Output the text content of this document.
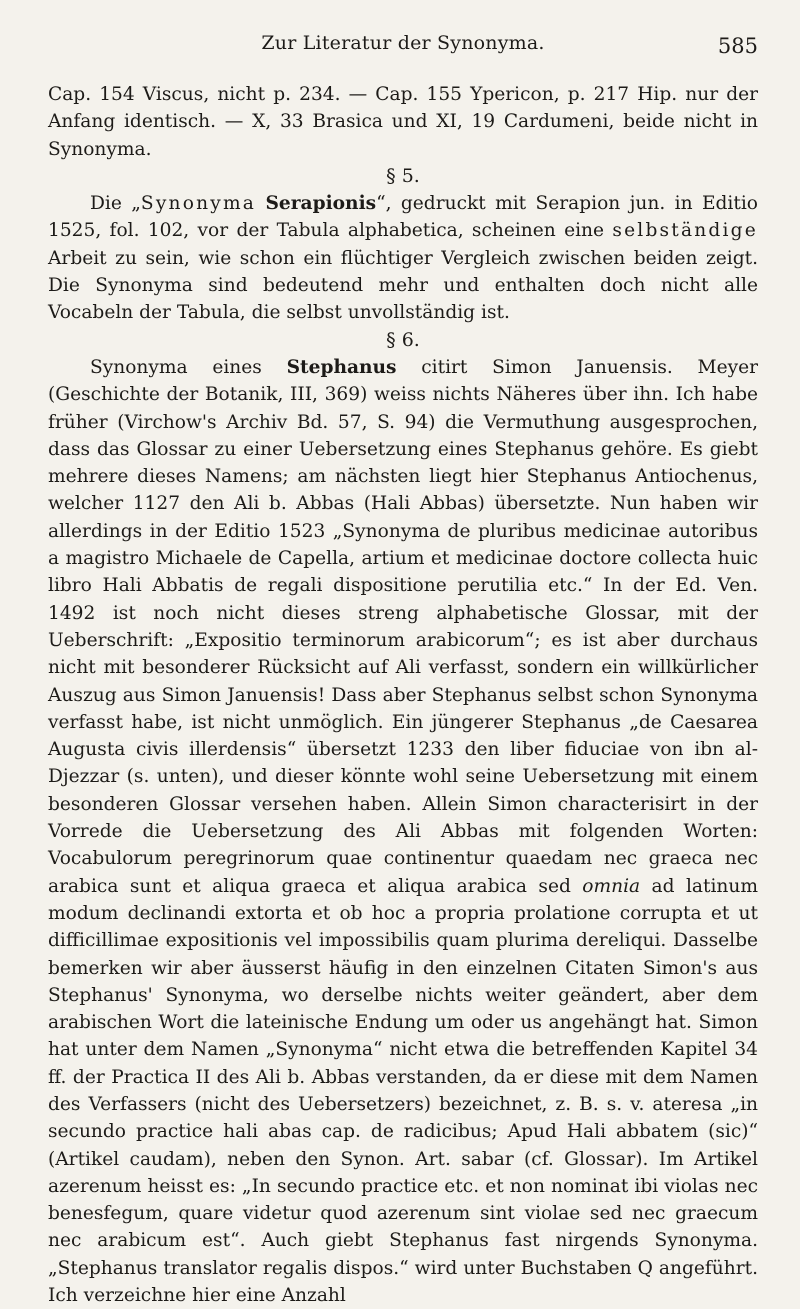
Zur Literatur der Synonyma.	585

Cap. 154 Viscus, nicht p. 234. — Cap. 155 Ypericon, p. 217 Hip. nur der Anfang identisch. — X, 33 Brasica und XI, 19 Cardumeni, beide nicht in Synonyma.

§ 5.

Die „Synonyma Serapionis“, gedruckt mit Serapion jun. in Editio 1525, fol. 102, vor der Tabula alphabetica, scheinen eine selbständige Arbeit zu sein, wie schon ein flüchtiger Vergleich zwischen beiden zeigt. Die Synonyma sind bedeutend mehr und enthalten doch nicht alle Vocabeln der Tabula, die selbst unvollständig ist.

§ 6.

Synonyma eines Stephanus citirt Simon Januensis. Meyer (Geschichte der Botanik, III, 369) weiss nichts Näheres über ihn. Ich habe früher (Virchow's Archiv Bd. 57, S. 94) die Vermuthung ausgesprochen, dass das Glossar zu einer Uebersetzung eines Stephanus gehöre. Es giebt mehrere dieses Namens; am nächsten liegt hier Stephanus Antiochenus, welcher 1127 den Ali b. Abbas (Hali Abbas) übersetzte. Nun haben wir allerdings in der Editio 1523 „Synonyma de pluribus medicinae autoribus a magistro Michaele de Capella, artium et medicinae doctore collecta huic libro Hali Abbatis de regali dispositione perutilia etc.“ In der Ed. Ven. 1492 ist noch nicht dieses streng alphabetische Glossar, mit der Ueberschrift: „Expositio terminorum arabicorum“; es ist aber durchaus nicht mit besonderer Rücksicht auf Ali verfasst, sondern ein willkürlicher Auszug aus Simon Januensis! Dass aber Stephanus selbst schon Synonyma verfasst habe, ist nicht unmöglich. Ein jüngerer Stephanus „de Caesarea Augusta civis illerdensis“ übersetzt 1233 den liber fiduciae von ibn al-Djezzar (s. unten), und dieser könnte wohl seine Uebersetzung mit einem besonderen Glossar versehen haben. Allein Simon characterisirt in der Vorrede die Uebersetzung des Ali Abbas mit folgenden Worten: Vocabulorum peregrinorum quae continentur quaedam nec graeca nec arabica sunt et aliqua graeca et aliqua arabica sed omnia ad latinum modum declinandi extorta et ob hoc a propria prolatione corrupta et ut difficillimae expositionis vel impossibilis quam plurima dereliqui. Dasselbe bemerken wir aber äusserst häufig in den einzelnen Citaten Simon's aus Stephanus' Synonyma, wo derselbe nichts weiter geändert, aber dem arabischen Wort die lateinische Endung um oder us angehängt hat. Simon hat unter dem Namen „Synonyma“ nicht etwa die betreffenden Kapitel 34 ff. der Practica II des Ali b. Abbas verstanden, da er diese mit dem Namen des Verfassers (nicht des Uebersetzers) bezeichnet, z. B. s. v. ateresa „in secundo practice hali abas cap. de radicibus; Apud Hali abbatem (sic)“ (Artikel caudam), neben den Synon. Art. sabar (cf. Glossar). Im Artikel azerenum heisst es: „In secundo practice etc. et non nominat ibi violas nec benesfegum, quare videtur quod azerenum sint violae sed nec graecum nec arabicum est“. Auch giebt Stephanus fast nirgends Synonyma. „Stephanus translator regalis dispos.“ wird unter Buchstaben Q angeführt. Ich verzeichne hier eine Anzahl
